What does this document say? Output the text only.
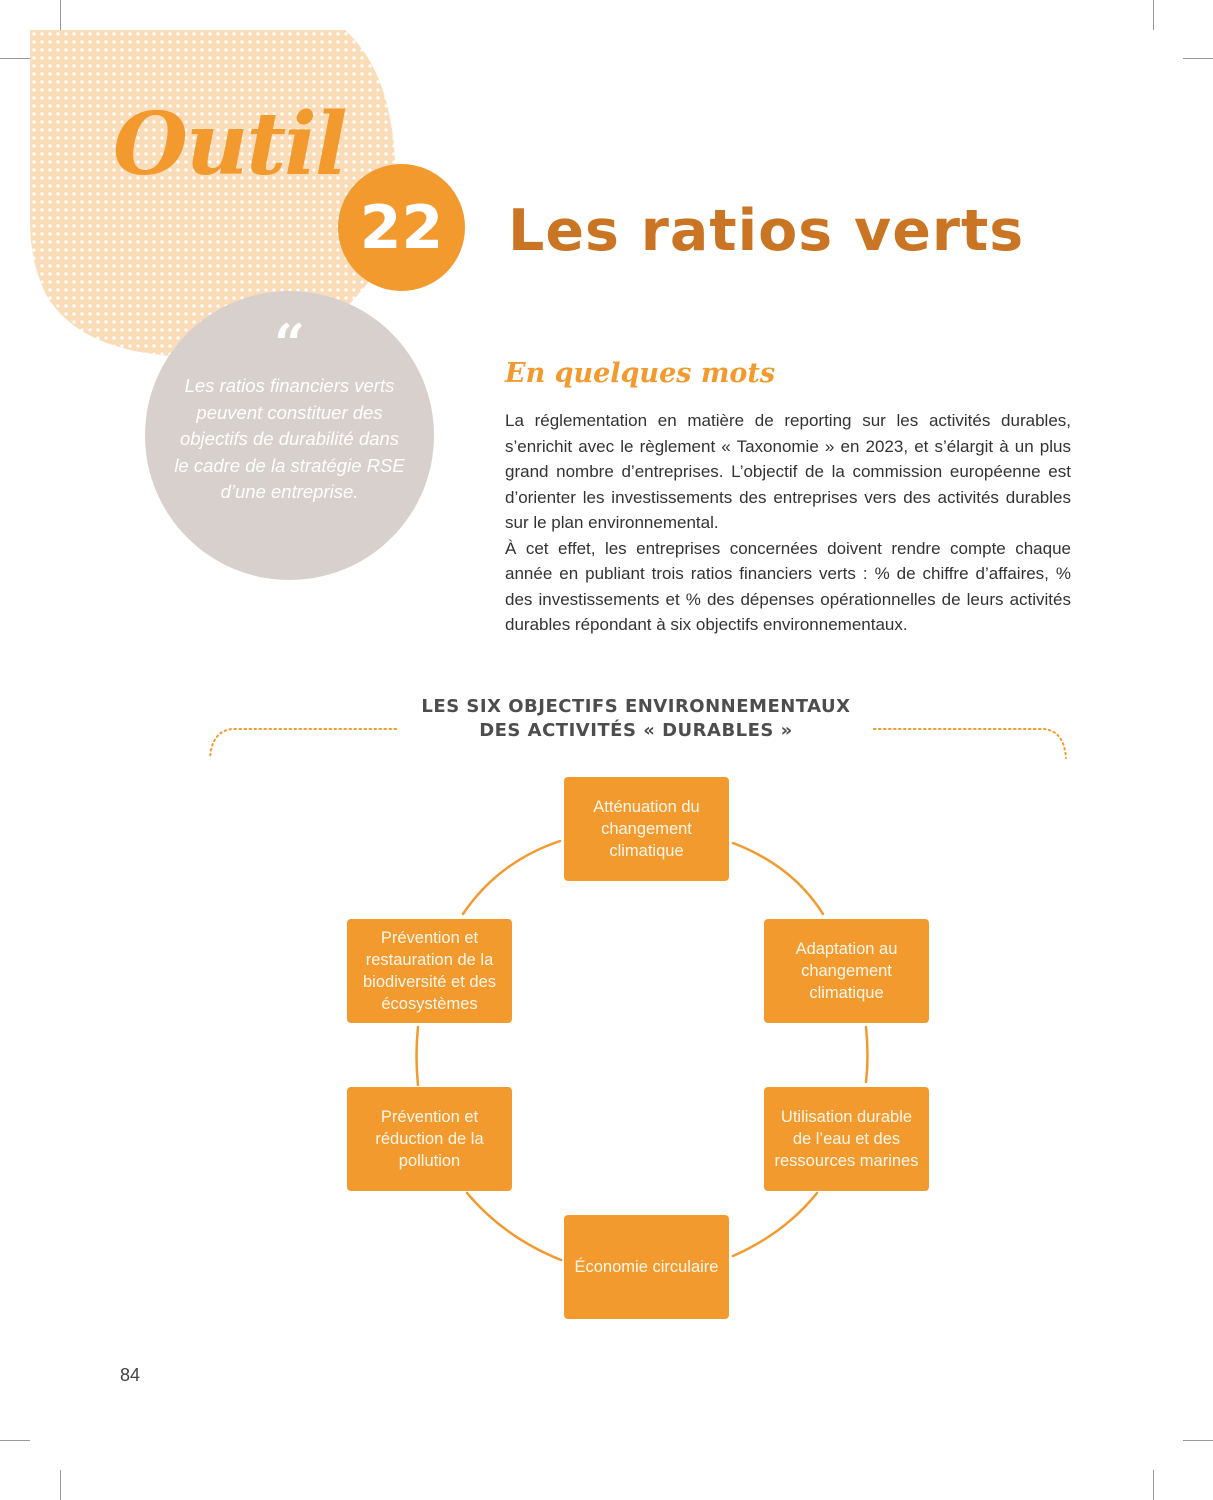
Outil
22 Les ratios verts
“
Les ratios financiers verts peuvent constituer des objectifs de durabilité dans le cadre de la stratégie RSE d’une entreprise.
En quelques mots

La réglementation en matière de reporting sur les activités durables, s’enrichit avec le règlement « Taxonomie » en 2023, et s’élargit à un plus grand nombre d’entreprises. L’objectif de la commission européenne est d’orienter les investissements des entreprises vers des activités durables sur le plan environnemental.

À cet effet, les entreprises concernées doivent rendre compte chaque année en publiant trois ratios financiers verts : % de chiffre d’affaires, % des investissements et % des dépenses opérationnelles de leurs activités durables répondant à six objectifs environnementaux.

LES SIX OBJECTIFS ENVIRONNEMENTAUX
DES ACTIVITÉS « DURABLES »
Atténuation du changement climatique
Adaptation au changement climatique
Utilisation durable de l’eau et des ressources marines
Économie circulaire
Prévention et réduction de la pollution
Prévention et restauration de la biodiversité et des écosystèmes
84
